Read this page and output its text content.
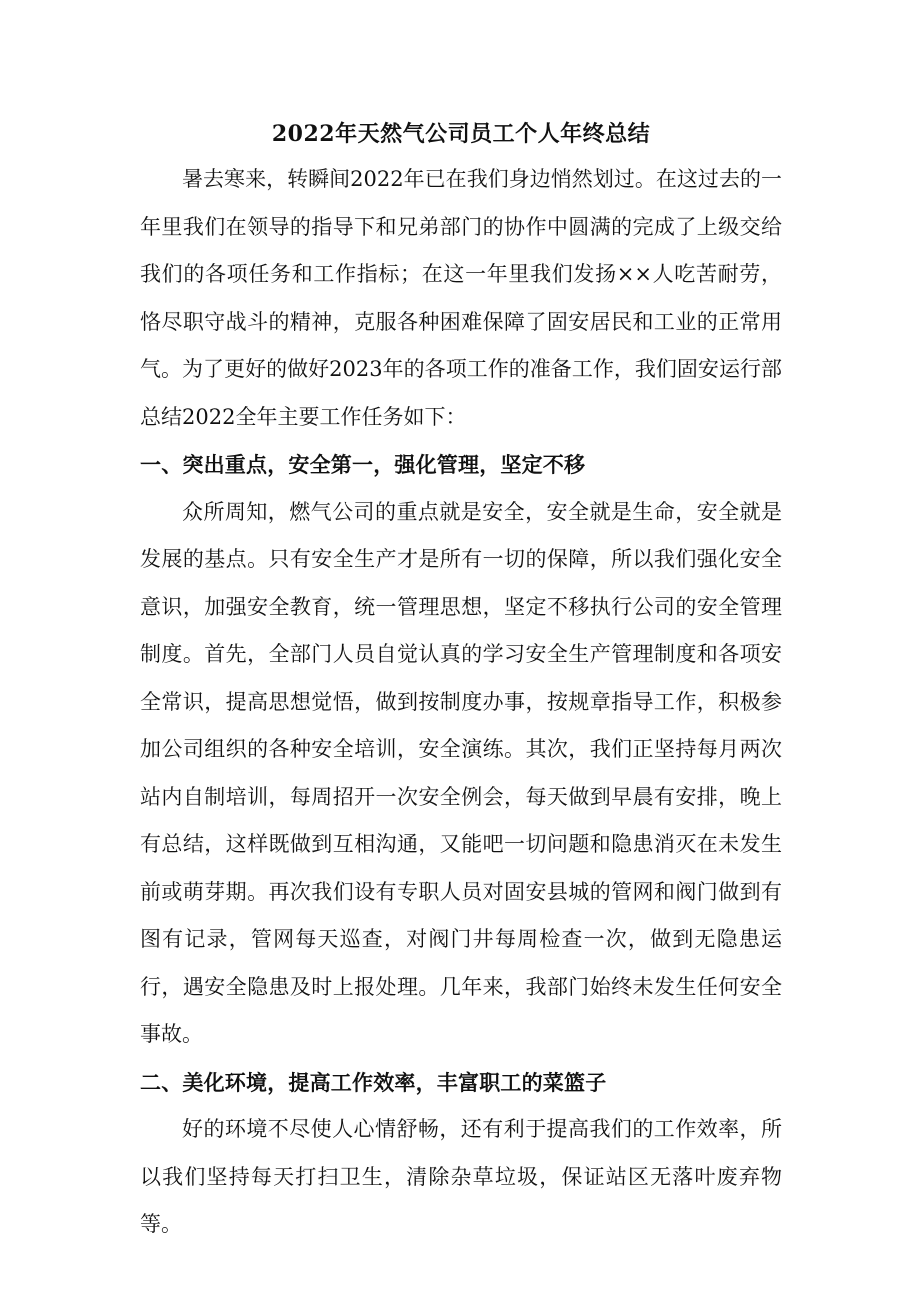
2022年天然气公司员工个人年终总结

暑去寒来，转瞬间2022年已在我们身边悄然划过。在这过去的一年里我们在领导的指导下和兄弟部门的协作中圆满的完成了上级交给我们的各项任务和工作指标；在这一年里我们发扬××人吃苦耐劳，恪尽职守战斗的精神，克服各种困难保障了固安居民和工业的正常用气。为了更好的做好2023年的各项工作的准备工作，我们固安运行部总结2022全年主要工作任务如下：

一、突出重点，安全第一，强化管理，坚定不移

众所周知，燃气公司的重点就是安全，安全就是生命，安全就是发展的基点。只有安全生产才是所有一切的保障，所以我们强化安全意识，加强安全教育，统一管理思想，坚定不移执行公司的安全管理制度。首先，全部门人员自觉认真的学习安全生产管理制度和各项安全常识，提高思想觉悟，做到按制度办事，按规章指导工作，积极参加公司组织的各种安全培训，安全演练。其次，我们正坚持每月两次站内自制培训，每周招开一次安全例会，每天做到早晨有安排，晚上有总结，这样既做到互相沟通，又能吧一切问题和隐患消灭在未发生前或萌芽期。再次我们设有专职人员对固安县城的管网和阀门做到有图有记录，管网每天巡查，对阀门井每周检查一次，做到无隐患运行，遇安全隐患及时上报处理。几年来，我部门始终未发生任何安全事故。

二、美化环境，提高工作效率，丰富职工的菜篮子

好的环境不尽使人心情舒畅，还有利于提高我们的工作效率，所以我们坚持每天打扫卫生，清除杂草垃圾，保证站区无落叶废弃物等。
